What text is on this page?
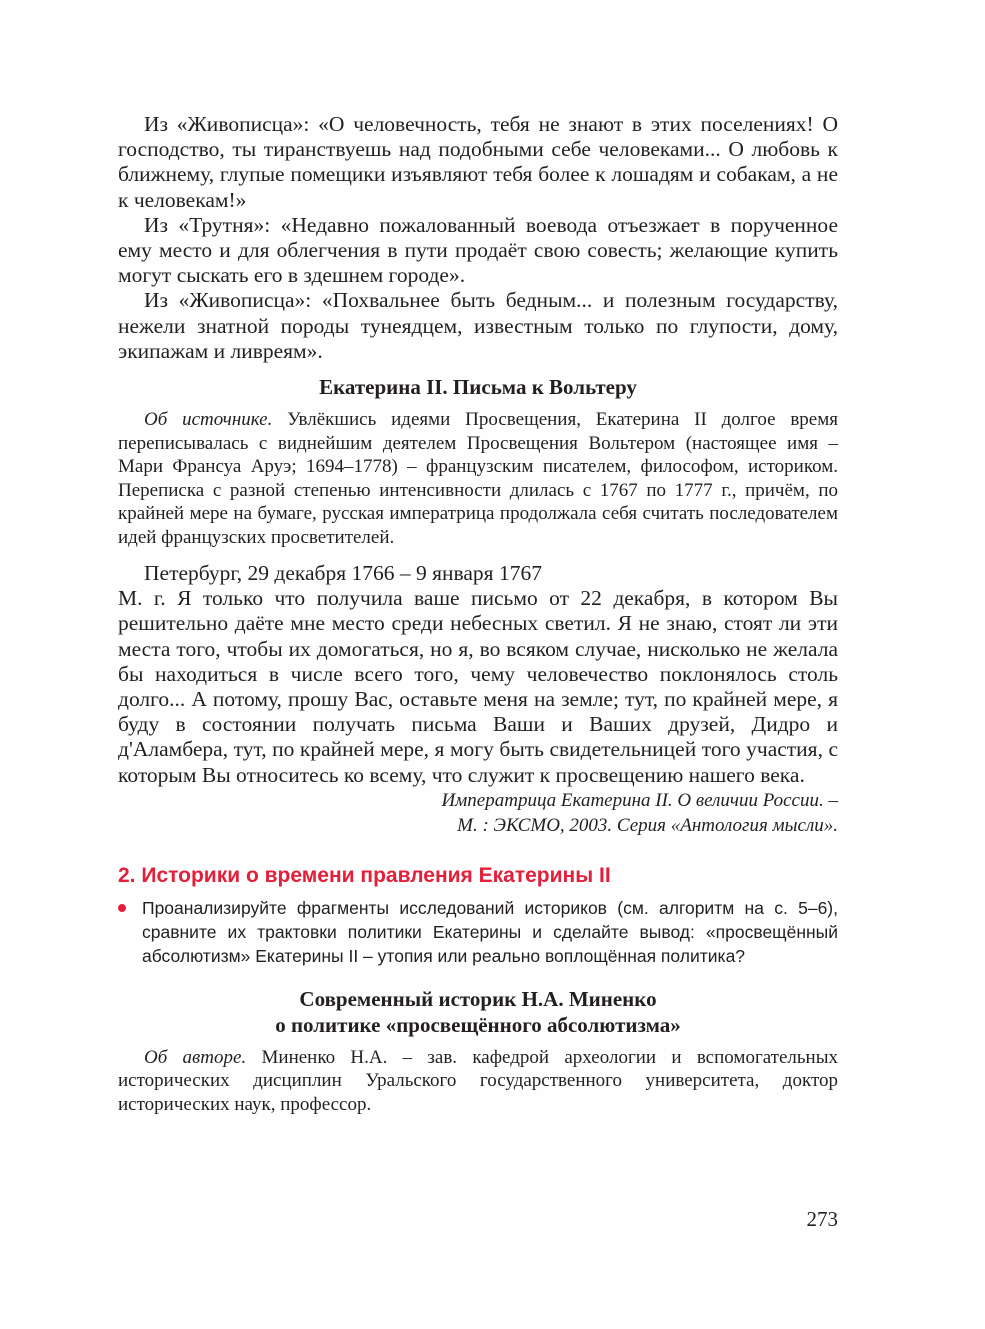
Из «Живописца»: «О человечность, тебя не знают в этих поселениях! О господство, ты тиранствуешь над подобными себе человеками... О любовь к ближнему, глупые помещики изъявляют тебя более к лошадям и собакам, а не к человекам!»

Из «Трутня»: «Недавно пожалованный воевода отъезжает в порученное ему место и для облегчения в пути продаёт свою совесть; желающие купить могут сыскать его в здешнем городе».

Из «Живописца»: «Похвальнее быть бедным... и полезным государству, нежели знатной породы тунеядцем, известным только по глупости, дому, экипажам и ливреям».

Екатерина II. Письма к Вольтеру

Об источнике. Увлёкшись идеями Просвещения, Екатерина II долгое время переписывалась с виднейшим деятелем Просвещения Вольтером (настоящее имя – Мари Франсуа Аруэ; 1694–1778) – французским писателем, философом, историком. Переписка с разной степенью интенсивности длилась с 1767 по 1777 г., причём, по крайней мере на бумаге, русская императрица продолжала себя считать последователем идей французских просветителей.

Петербург, 29 декабря 1766 – 9 января 1767

М. г. Я только что получила ваше письмо от 22 декабря, в котором Вы решительно даёте мне место среди небесных светил. Я не знаю, стоят ли эти места того, чтобы их домогаться, но я, во всяком случае, нисколько не желала бы находиться в числе всего того, чему человечество поклонялось столь долго... А потому, прошу Вас, оставьте меня на земле; тут, по крайней мере, я буду в состоянии получать письма Ваши и Ваших друзей, Дидро и д'Аламбера, тут, по крайней мере, я могу быть свидетельницей того участия, с которым Вы относитесь ко всему, что служит к просвещению нашего века.

Императрица Екатерина II. О величии России. –

М. : ЭКСМО, 2003. Серия «Антология мысли».

2. Историки о времени правления Екатерины II

Проанализируйте фрагменты исследований историков (см. алгоритм на с. 5–6), сравните их трактовки политики Екатерины и сделайте вывод: «просвещённый абсолютизм» Екатерины II – утопия или реально воплощённая политика?

Современный историк Н.А. Миненко
о политике «просвещённого абсолютизма»

Об авторе. Миненко Н.А. – зав. кафедрой археологии и вспомогательных исторических дисциплин Уральского государственного университета, доктор исторических наук, профессор.

273
